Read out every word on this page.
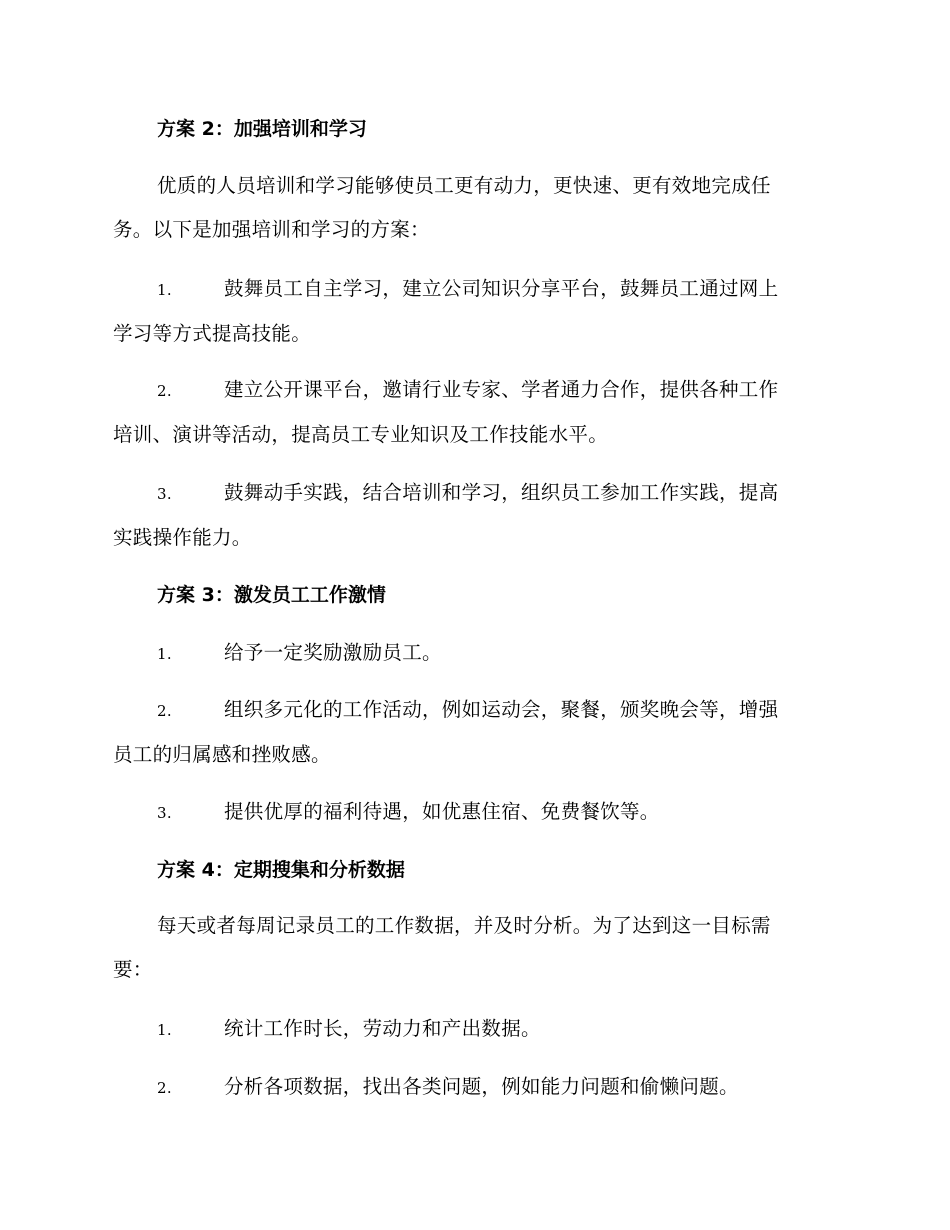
方案 2：加强培训和学习
优质的人员培训和学习能够使员工更有动力，更快速、更有效地完成任
务。以下是加强培训和学习的方案：
1.	鼓舞员工自主学习，建立公司知识分享平台，鼓舞员工通过网上
学习等方式提高技能。
2.	建立公开课平台，邀请行业专家、学者通力合作，提供各种工作
培训、演讲等活动，提高员工专业知识及工作技能水平。
3.	鼓舞动手实践，结合培训和学习，组织员工参加工作实践，提高
实践操作能力。
方案 3：激发员工工作激情
1.	给予一定奖励激励员工。
2.	组织多元化的工作活动，例如运动会，聚餐，颁奖晚会等，增强
员工的归属感和挫败感。
3.	提供优厚的福利待遇，如优惠住宿、免费餐饮等。
方案 4：定期搜集和分析数据
每天或者每周记录员工的工作数据，并及时分析。为了达到这一目标需
要：
1.	统计工作时长，劳动力和产出数据。
2.	分析各项数据，找出各类问题，例如能力问题和偷懒问题。
